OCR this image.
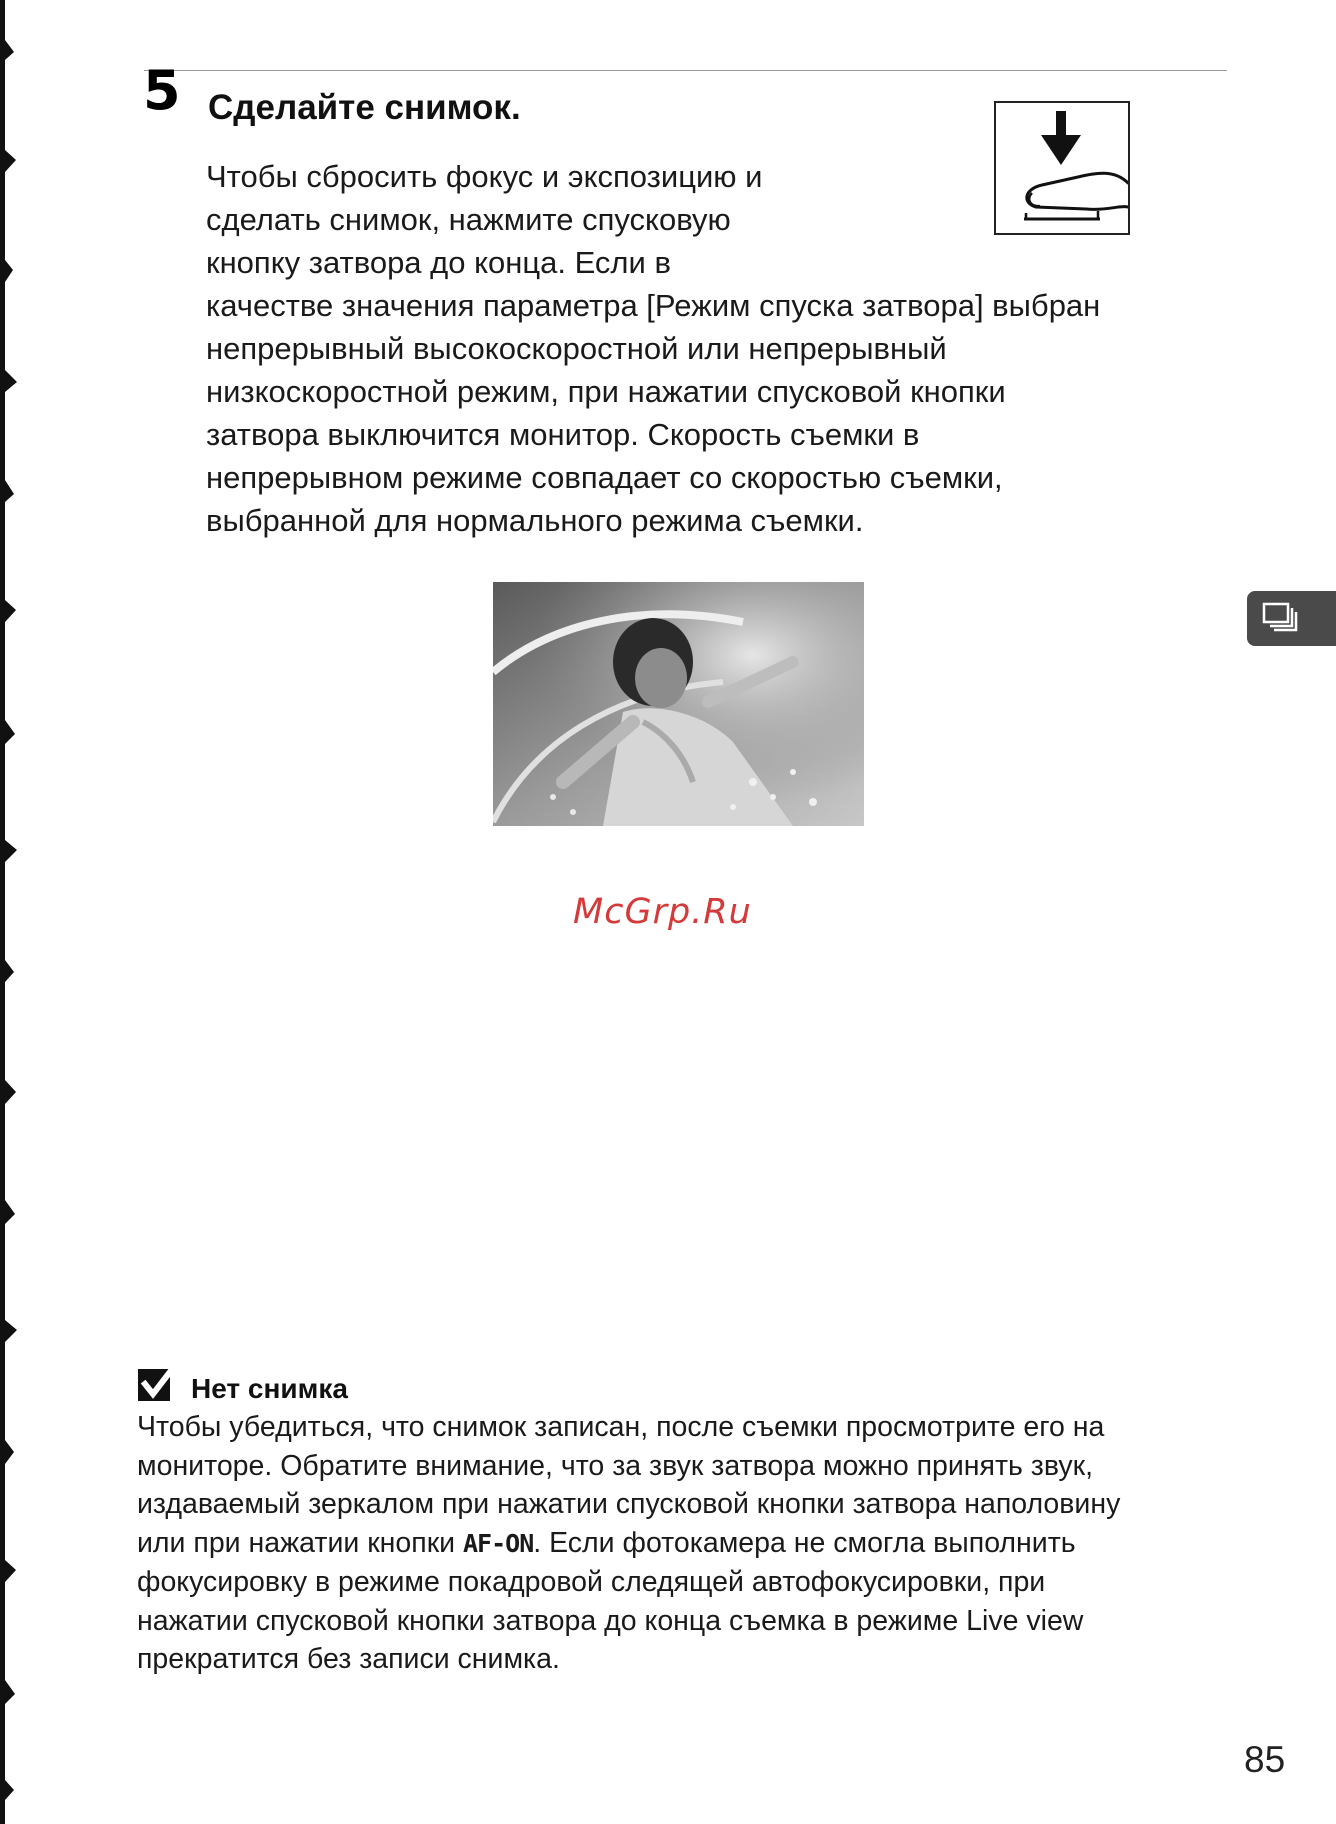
5 Сделайте снимок.
Чтобы сбросить фокус и экспозицию и
сделать снимок, нажмите спусковую
кнопку затвора до конца. Если в
качестве значения параметра [Режим спуска затвора] выбран
непрерывный высокоскоростной или непрерывный
низкоскоростной режим, при нажатии спусковой кнопки
затвора выключится монитор. Скорость съемки в
непрерывном режиме совпадает со скоростью съемки,
выбранной для нормального режима съемки.
McGrp.Ru
Нет снимка
Чтобы убедиться, что снимок записан, после съемки просмотрите его на
мониторе. Обратите внимание, что за звук затвора можно принять звук,
издаваемый зеркалом при нажатии спусковой кнопки затвора наполовину
или при нажатии кнопки AF-ON. Если фотокамера не смогла выполнить
фокусировку в режиме покадровой следящей автофокусировки, при
нажатии спусковой кнопки затвора до конца съемка в режиме Live view
прекратится без записи снимка.
85
